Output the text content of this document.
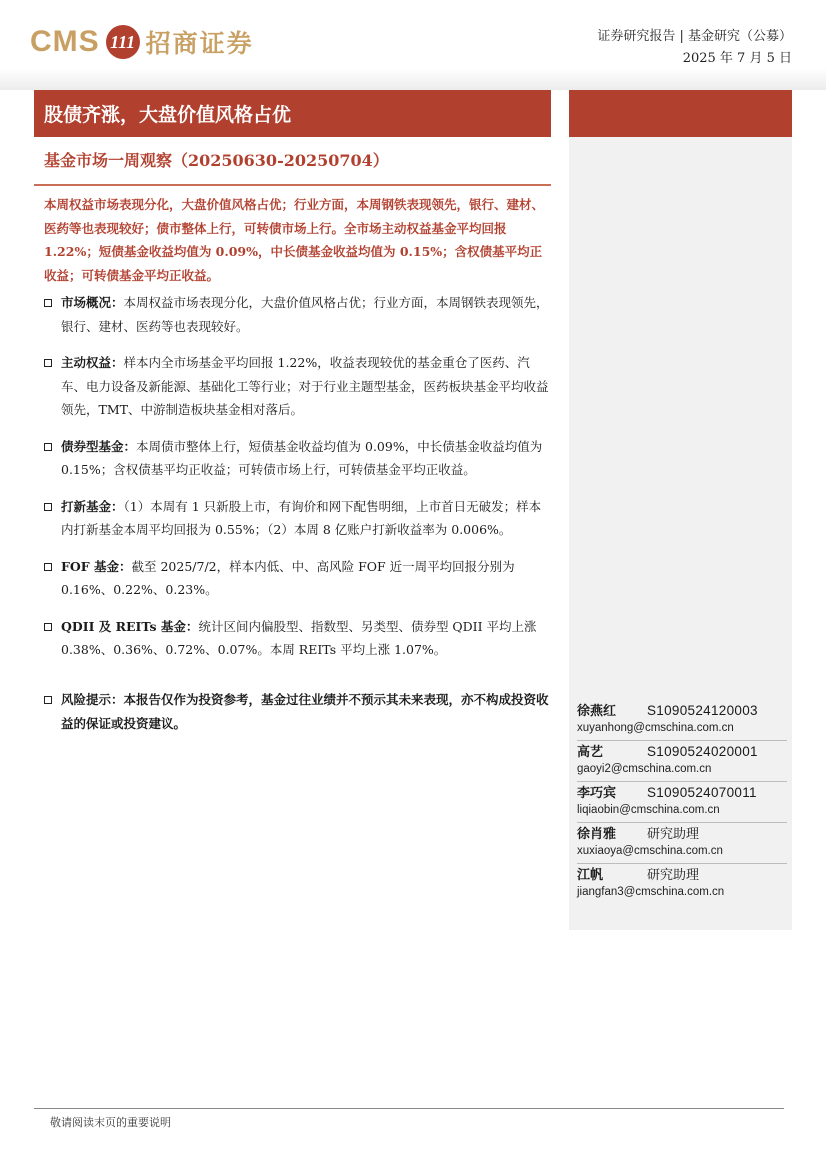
CMS 111 招商证券	证券研究报告 | 基金研究（公募）
2025 年 7 月 5 日
股债齐涨，大盘价值风格占优
基金市场一周观察（20250630-20250704）
本周权益市场表现分化，大盘价值风格占优；行业方面，本周钢铁表现领先，银行、建材、医药等也表现较好；债市整体上行，可转债市场上行。全市场主动权益基金平均回报 1.22%；短债基金收益均值为 0.09%，中长债基金收益均值为 0.15%；含权债基平均正收益；可转债基金平均正收益。
市场概况：本周权益市场表现分化，大盘价值风格占优；行业方面，本周钢铁表现领先，银行、建材、医药等也表现较好。
主动权益：样本内全市场基金平均回报 1.22%，收益表现较优的基金重仓了医药、汽车、电力设备及新能源、基础化工等行业；对于行业主题型基金，医药板块基金平均收益领先，TMT、中游制造板块基金相对落后。
债券型基金：本周债市整体上行，短债基金收益均值为 0.09%，中长债基金收益均值为 0.15%；含权债基平均正收益；可转债市场上行，可转债基金平均正收益。
打新基金：（1）本周有 1 只新股上市，有询价和网下配售明细，上市首日无破发；样本内打新基金本周平均回报为 0.55%；（2）本周 8 亿账户打新收益率为 0.006%。
FOF 基金：截至 2025/7/2，样本内低、中、高风险 FOF 近一周平均回报分别为 0.16%、0.22%、0.23%。
QDII 及 REITs 基金：统计区间内偏股型、指数型、另类型、债券型 QDII 平均上涨 0.38%、0.36%、0.72%、0.07%。本周 REITs 平均上涨 1.07%。
风险提示：本报告仅作为投资参考，基金过往业绩并不预示其未来表现，亦不构成投资收益的保证或投资建议。
徐燕红	S1090524120003
xuyanhong@cmschina.com.cn
高艺	S1090524020001
gaoyi2@cmschina.com.cn
李巧宾	S1090524070011
liqiaobin@cmschina.com.cn
徐肖雅	研究助理
xuxiaoya@cmschina.com.cn
江帆	研究助理
jiangfan3@cmschina.com.cn
敬请阅读末页的重要说明
